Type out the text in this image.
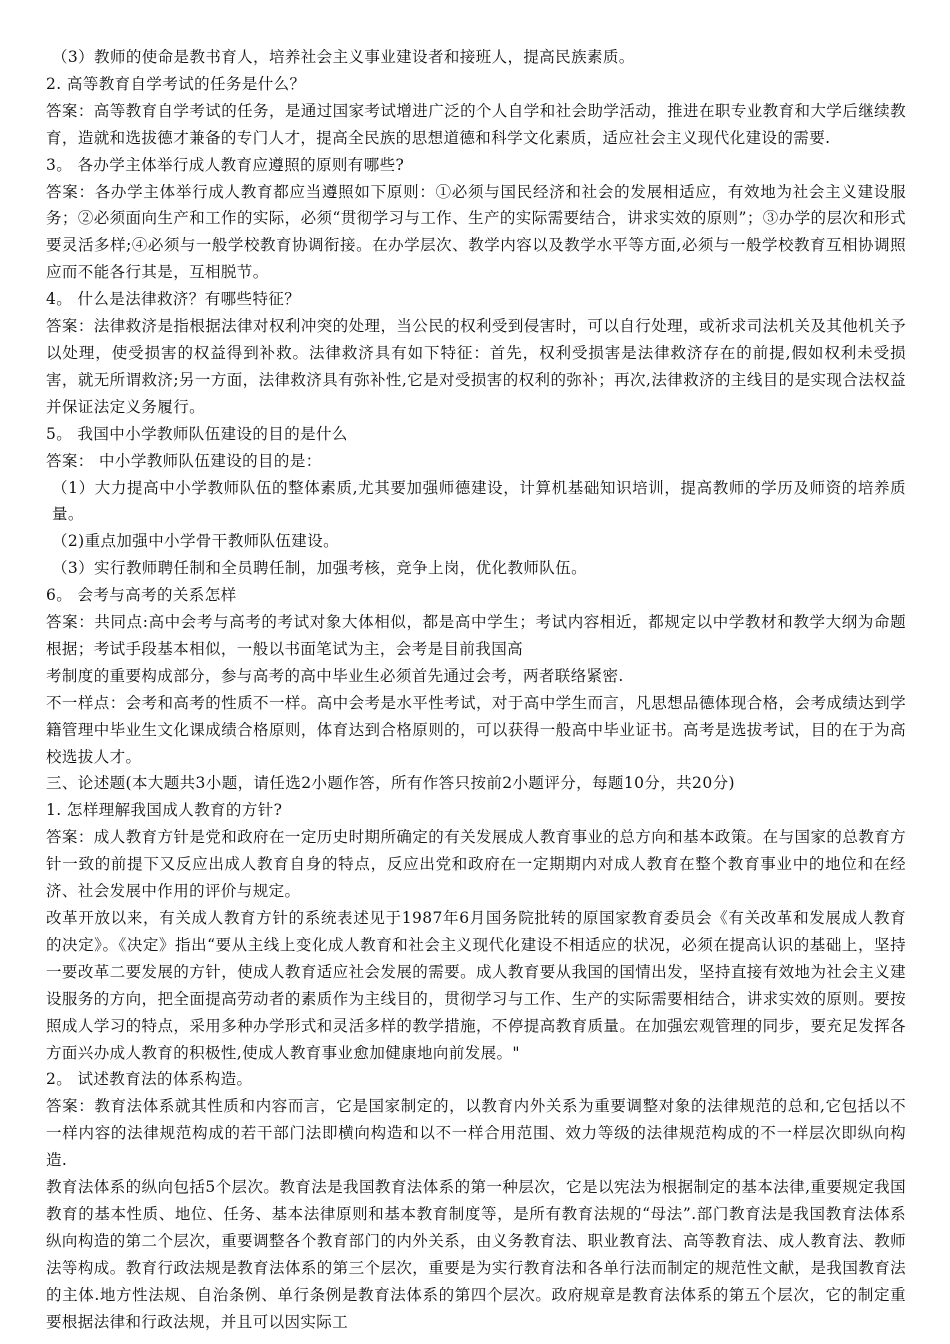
（3）教师的使命是教书育人，培养社会主义事业建设者和接班人，提高民族素质。

2. 高等教育自学考试的任务是什么？

答案：高等教育自学考试的任务，是通过国家考试增进广泛的个人自学和社会助学活动，推进在职专业教育和大学后继续教育，造就和选拔德才兼备的专门人才，提高全民族的思想道德和科学文化素质，适应社会主义现代化建设的需要.

3。 各办学主体举行成人教育应遵照的原则有哪些?

答案：各办学主体举行成人教育都应当遵照如下原则：①必须与国民经济和社会的发展相适应，有效地为社会主义建设服务；②必须面向生产和工作的实际，必须“贯彻学习与工作、生产的实际需要结合，讲求实效的原则”；③办学的层次和形式要灵活多样;④必须与一般学校教育协调衔接。在办学层次、教学内容以及教学水平等方面,必须与一般学校教育互相协调照应而不能各行其是，互相脱节。

4。 什么是法律救济？有哪些特征？

答案：法律救济是指根据法律对权利冲突的处理，当公民的权利受到侵害时，可以自行处理，或祈求司法机关及其他机关予以处理，使受损害的权益得到补救。法律救济具有如下特征：首先，权利受损害是法律救济存在的前提,假如权利未受损害，就无所谓救济;另一方面，法律救济具有弥补性,它是对受损害的权利的弥补；再次,法律救济的主线目的是实现合法权益并保证法定义务履行。

5。 我国中小学教师队伍建设的目的是什么

答案： 中小学教师队伍建设的目的是：

（1）大力提高中小学教师队伍的整体素质,尤其要加强师德建设，计算机基础知识培训，提高教师的学历及师资的培养质量。

（2)重点加强中小学骨干教师队伍建设。

（3）实行教师聘任制和全员聘任制，加强考核，竞争上岗，优化教师队伍。

6。 会考与高考的关系怎样

答案：共同点:高中会考与高考的考试对象大体相似，都是高中学生；考试内容相近，都规定以中学教材和教学大纲为命题根据；考试手段基本相似，一般以书面笔试为主，会考是目前我国高

考制度的重要构成部分，参与高考的高中毕业生必须首先通过会考，两者联络紧密.

不一样点：会考和高考的性质不一样。高中会考是水平性考试，对于高中学生而言，凡思想品德体现合格，会考成绩达到学籍管理中毕业生文化课成绩合格原则，体育达到合格原则的，可以获得一般高中毕业证书。高考是选拔考试，目的在于为高校选拔人才。

三、论述题(本大题共3小题，请任选2小题作答，所有作答只按前2小题评分，每题10分，共20分)

1. 怎样理解我国成人教育的方针?

答案：成人教育方针是党和政府在一定历史时期所确定的有关发展成人教育事业的总方向和基本政策。在与国家的总教育方针一致的前提下又反应出成人教育自身的特点，反应出党和政府在一定期期内对成人教育在整个教育事业中的地位和在经济、社会发展中作用的评价与规定。

改革开放以来，有关成人教育方针的系统表述见于1987年6月国务院批转的原国家教育委员会《有关改革和发展成人教育的决定》。《决定》指出“要从主线上变化成人教育和社会主义现代化建设不相适应的状况，必须在提高认识的基础上，坚持一要改革二要发展的方针，使成人教育适应社会发展的需要。成人教育要从我国的国情出发，坚持直接有效地为社会主义建设服务的方向，把全面提高劳动者的素质作为主线目的，贯彻学习与工作、生产的实际需要相结合，讲求实效的原则。要按照成人学习的特点，采用多种办学形式和灵活多样的教学措施，不停提高教育质量。在加强宏观管理的同步，要充足发挥各方面兴办成人教育的积极性,使成人教育事业愈加健康地向前发展。"

2。 试述教育法的体系构造。

答案：教育法体系就其性质和内容而言，它是国家制定的，以教育内外关系为重要调整对象的法律规范的总和,它包括以不一样内容的法律规范构成的若干部门法即横向构造和以不一样合用范围、效力等级的法律规范构成的不一样层次即纵向构造.

教育法体系的纵向包括5个层次。教育法是我国教育法体系的第一种层次，它是以宪法为根据制定的基本法律,重要规定我国教育的基本性质、地位、任务、基本法律原则和基本教育制度等，是所有教育法规的“母法”.部门教育法是我国教育法体系纵向构造的第二个层次，重要调整各个教育部门的内外关系，由义务教育法、职业教育法、高等教育法、成人教育法、教师法等构成。教育行政法规是教育法体系的第三个层次，重要是为实行教育法和各单行法而制定的规范性文献，是我国教育法的主体.地方性法规、自治条例、单行条例是教育法体系的第四个层次。政府规章是教育法体系的第五个层次，它的制定重要根据法律和行政法规，并且可以因实际工
